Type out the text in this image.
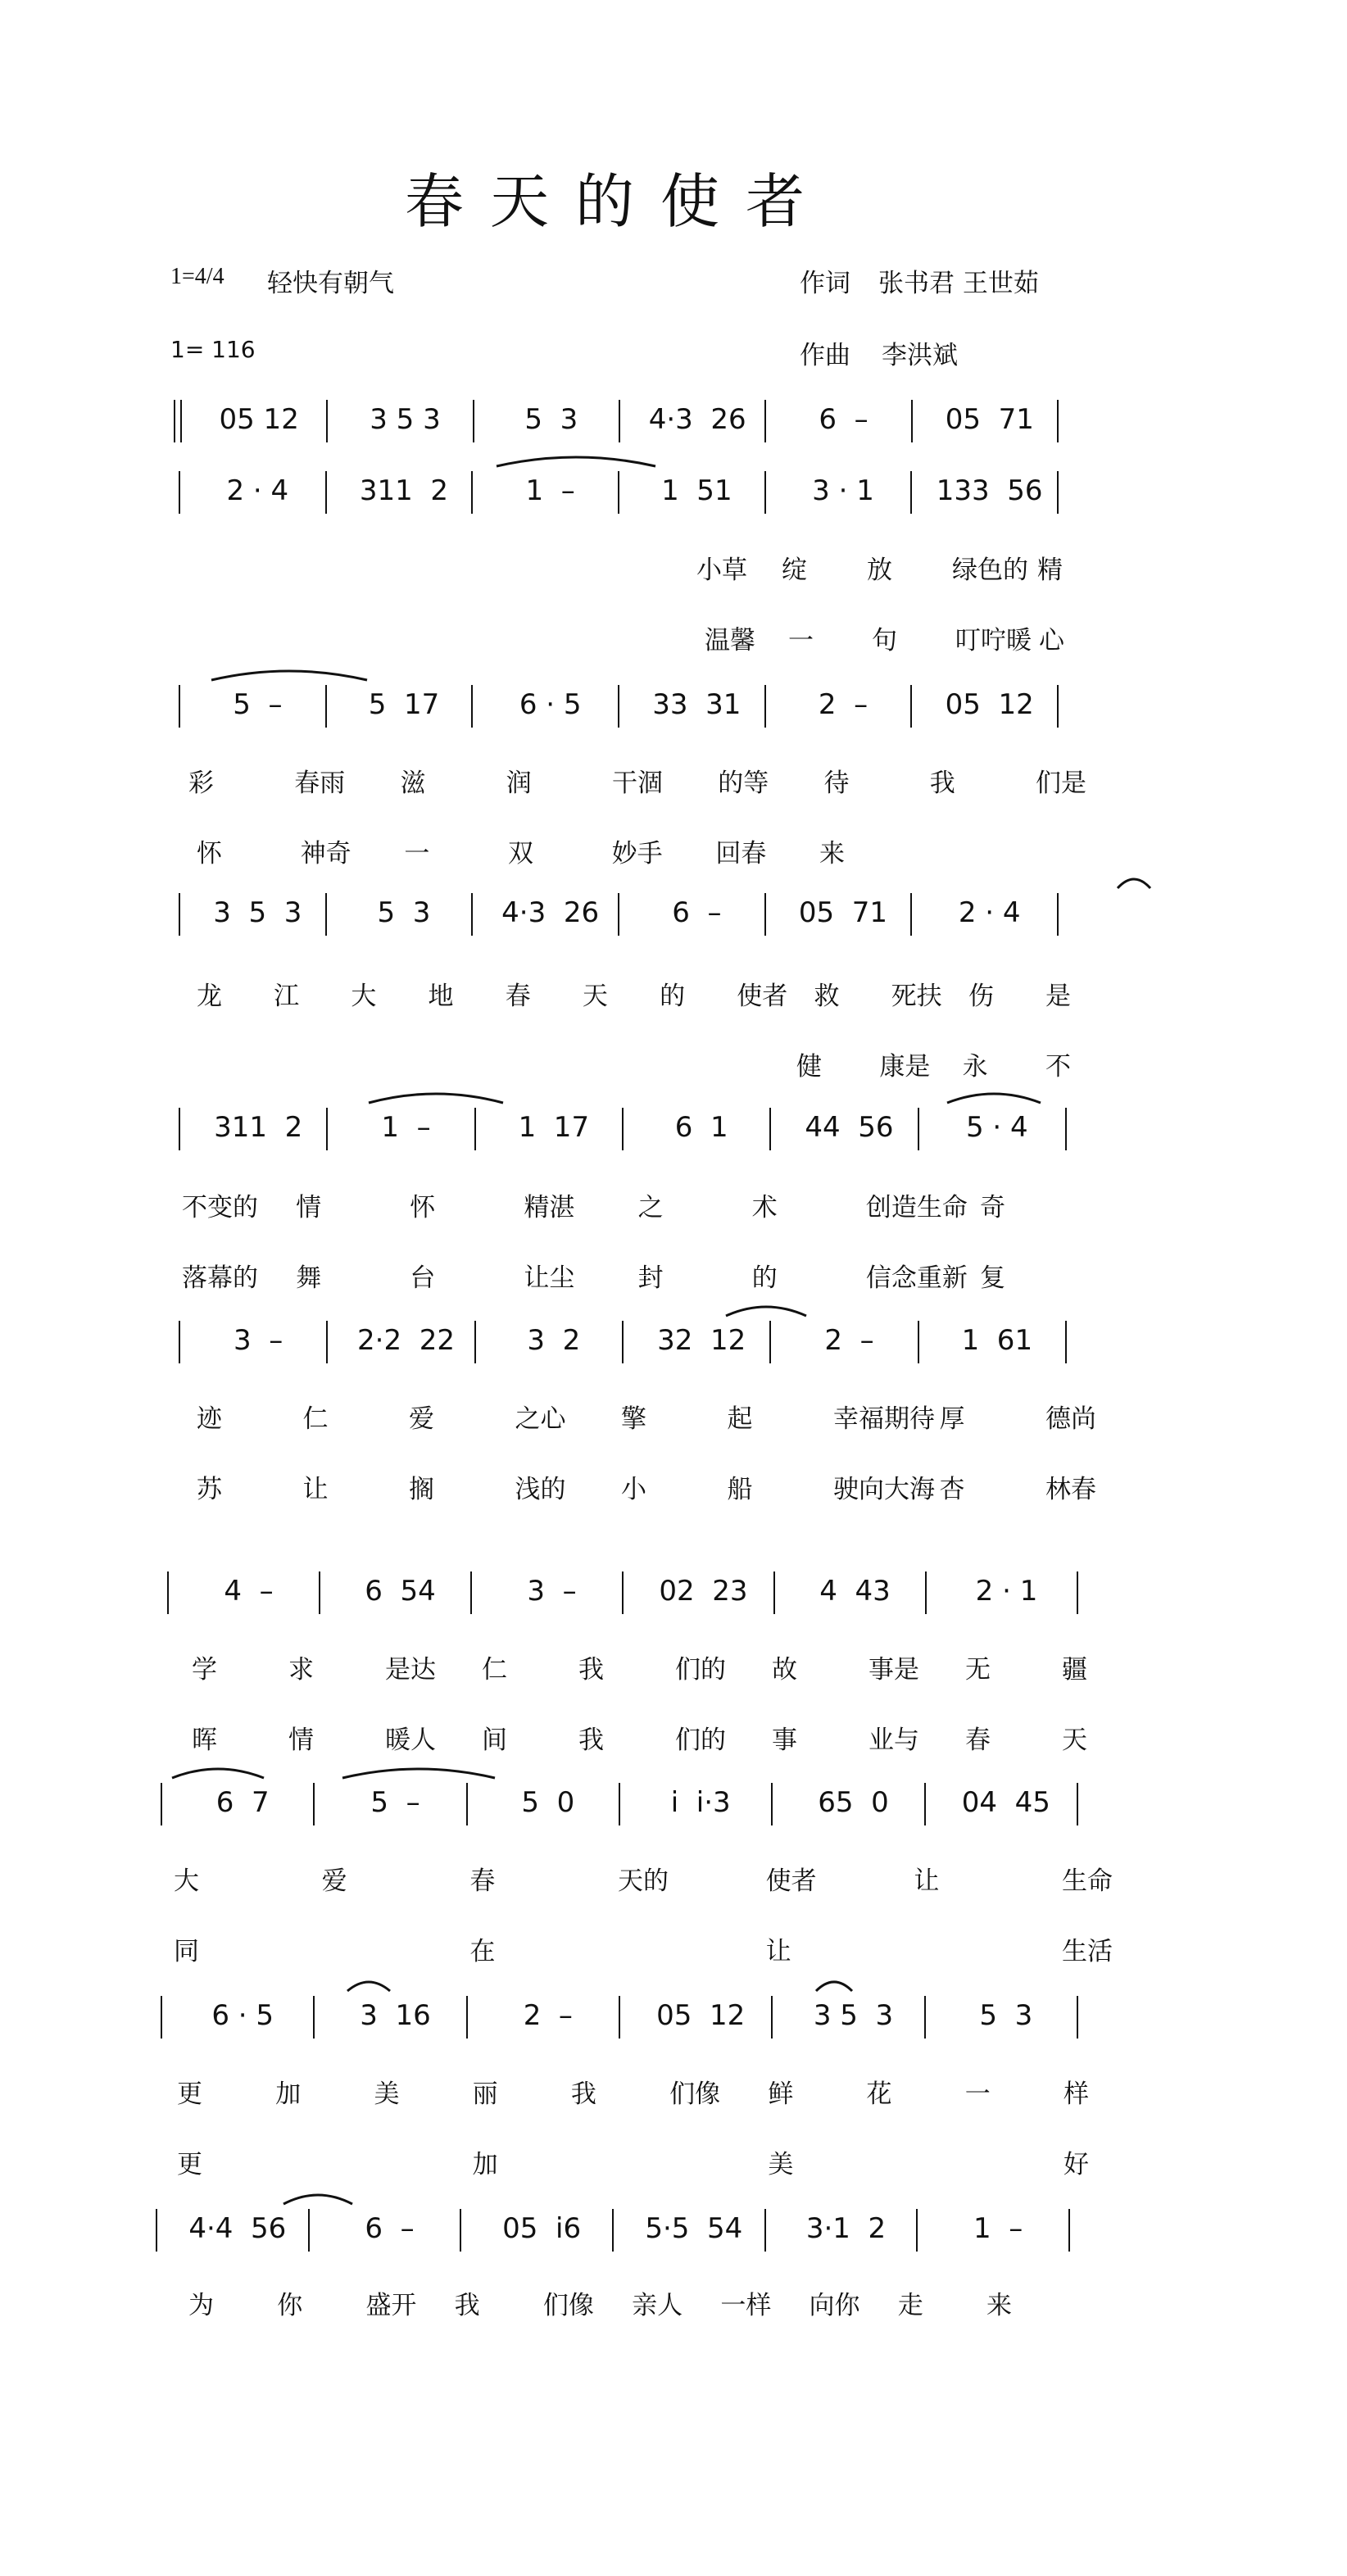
春天的使者
1=4/4 轻快有朝气
1= 116
作词 张书君 王世茹
作曲 李洪斌
05 12	3 5 3	5  3	4·3  26	6  –	05  71
2 · 4	311  2	1  –	1  51	3 · 1	133  56
5  –	5  17	6 · 5	33  31	2  –	05  12
3  5  3	5  3	4·3  26	6  –	05  71	2 · 4
311  2	1  –	1  17	6  1	44  56	5 · 4
3  –	2·2  22	3  2	32  12	2  –	1  61
4  –	6  54	3  –	02  23	4  43	2 · 1
6  7	5  –	5  0	i  i·3	65  0	04  45
6 · 5	3  16	2  –	05  12	3 5  3	5  3
4·4  56	6  –	05  i6	5·5  54	3·1  2	1  –
小草 绽 放 绿色的 精
温馨 一 句 叮咛暖 心
彩	春雨 滋	润	干涸 的等 待	我	们是
怀	神奇 一	双	妙手 回春 来
龙 江 大 地 春 天 的 使者 救 死扶 伤 是
健 康是 永 不
不变的 情	怀	精湛 之	术	创造生命 奇
落幕的 舞	台	让尘 封	的	信念重新 复
迹	仁	爱	之心 擎	起	幸福期待 厚	德尚
苏	让	搁	浅的 小	船	驶向大海 杏	林春
学	求	是达 仁	我	们的 故	事是 无	疆
晖	情	暖人 间	我	们的 事	业与 春	天
大	爱	春	天的	使者	让	生命
同	在	让	生活
更	加	美	丽	我	们像 鲜	花	一	样
更	加	美	好
为 你 盛开 我 们像 亲人 一样 向你 走 来
